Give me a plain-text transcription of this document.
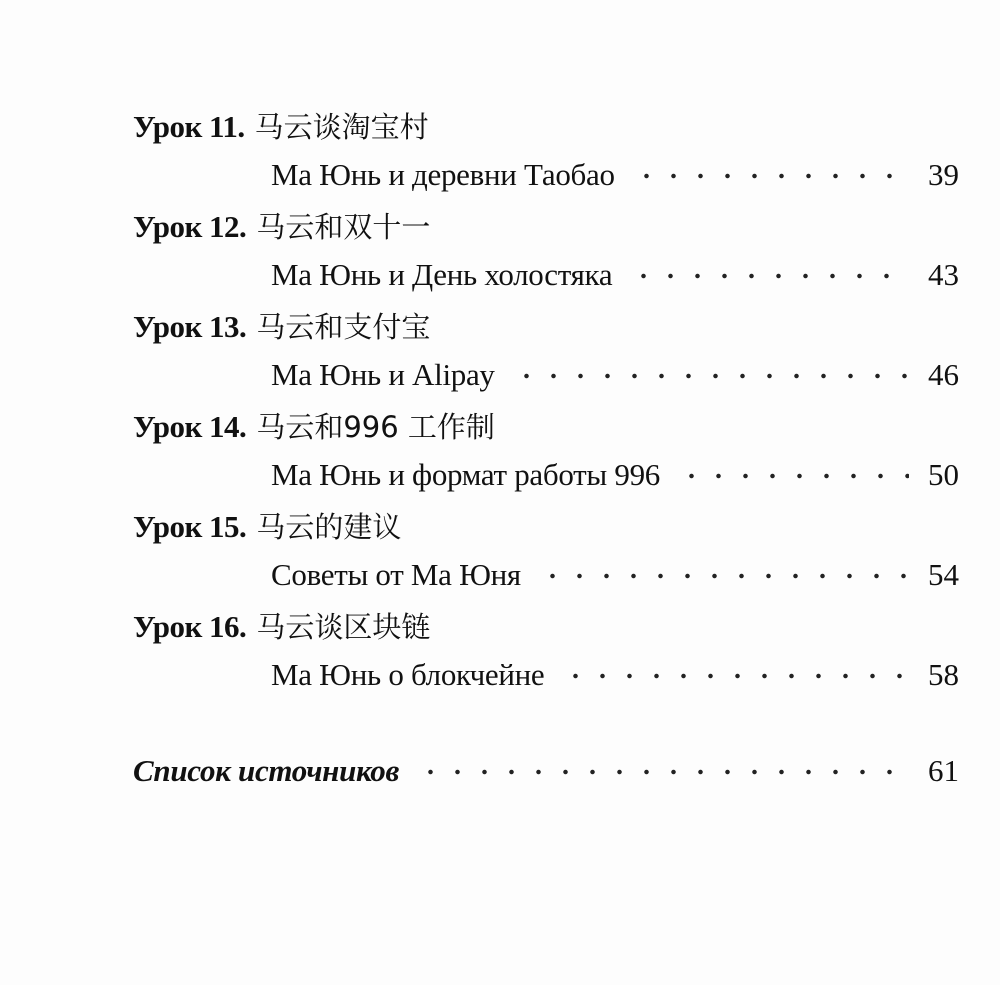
Урок 11. 马云谈淘宝村
Ма Юнь и деревни Таобао	39
Урок 12. 马云和双十一
Ма Юнь и День холостяка	43
Урок 13. 马云和支付宝
Ма Юнь и Alipay	46
Урок 14. 马云和996 工作制
Ма Юнь и формат работы 996	50
Урок 15. 马云的建议
Советы от Ма Юня	54
Урок 16. 马云谈区块链
Ма Юнь о блокчейне	58
Список источников	61
